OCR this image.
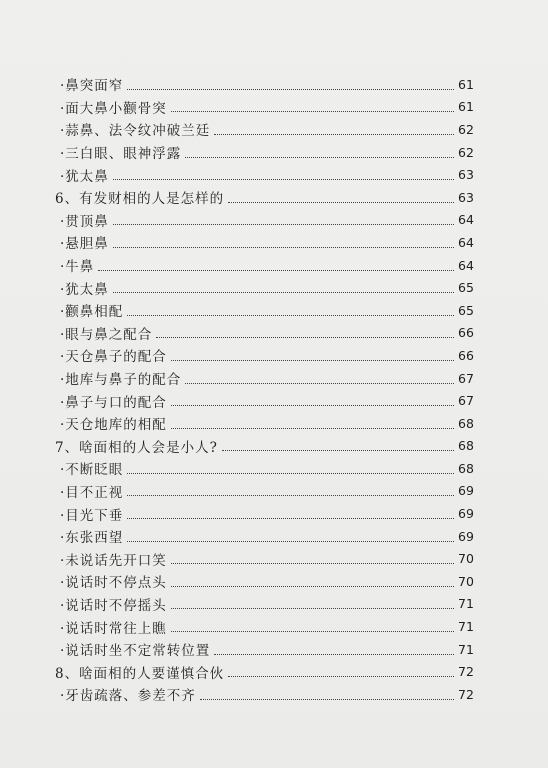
·鼻突面窄	61
·面大鼻小颧骨突	61
·蒜鼻、法令纹冲破兰廷	62
·三白眼、眼神浮露	62
·犹太鼻	63
6、有发财相的人是怎样的	63
·贯顶鼻	64
·悬胆鼻	64
·牛鼻	64
·犹太鼻	65
·颧鼻相配	65
·眼与鼻之配合	66
·天仓鼻子的配合	66
·地库与鼻子的配合	67
·鼻子与口的配合	67
·天仓地库的相配	68
7、啥面相的人会是小人?	68
·不断眨眼	68
·目不正视	69
·目光下垂	69
·东张西望	69
·未说话先开口笑	70
·说话时不停点头	70
·说话时不停摇头	71
·说话时常往上瞧	71
·说话时坐不定常转位置	71
8、啥面相的人要谨慎合伙	72
·牙齿疏落、参差不齐	72
